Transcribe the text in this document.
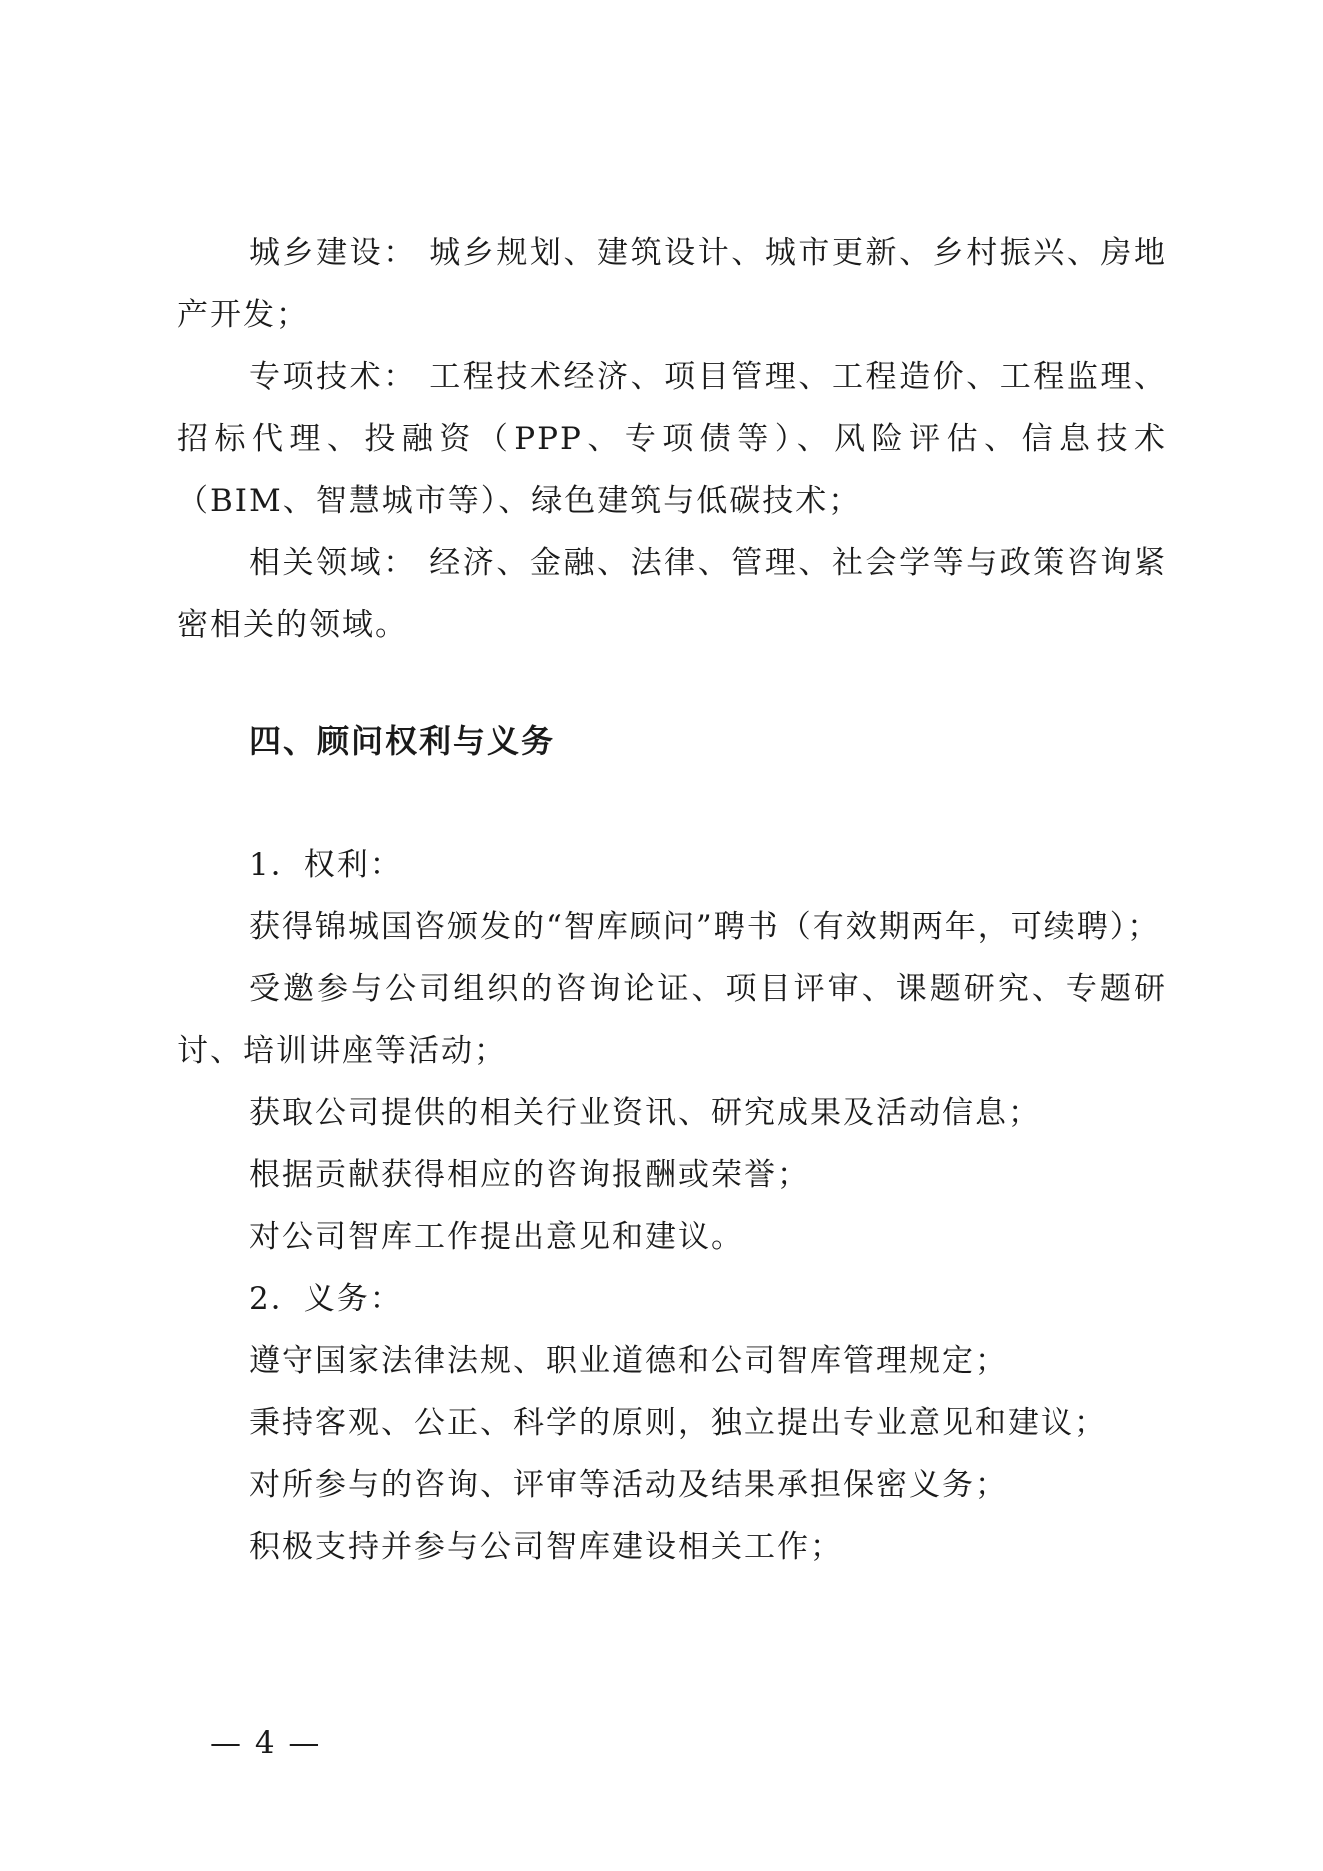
城乡建设： 城乡规划、建筑设计、城市更新、乡村振兴、房地产开发；

专项技术： 工程技术经济、项目管理、工程造价、工程监理、招标代理、投融资（PPP、专项债等）、风险评估、信息技术（BIM、智慧城市等）、绿色建筑与低碳技术；

相关领域： 经济、金融、法律、管理、社会学等与政策咨询紧密相关的领域。

四、顾问权利与义务

1．权利：

获得锦城国咨颁发的“智库顾问”聘书（有效期两年，可续聘）；

受邀参与公司组织的咨询论证、项目评审、课题研究、专题研讨、培训讲座等活动；

获取公司提供的相关行业资讯、研究成果及活动信息；

根据贡献获得相应的咨询报酬或荣誉；

对公司智库工作提出意见和建议。

2．义务：

遵守国家法律法规、职业道德和公司智库管理规定；

秉持客观、公正、科学的原则，独立提出专业意见和建议；

对所参与的咨询、评审等活动及结果承担保密义务；

积极支持并参与公司智库建设相关工作；

— 4 —
